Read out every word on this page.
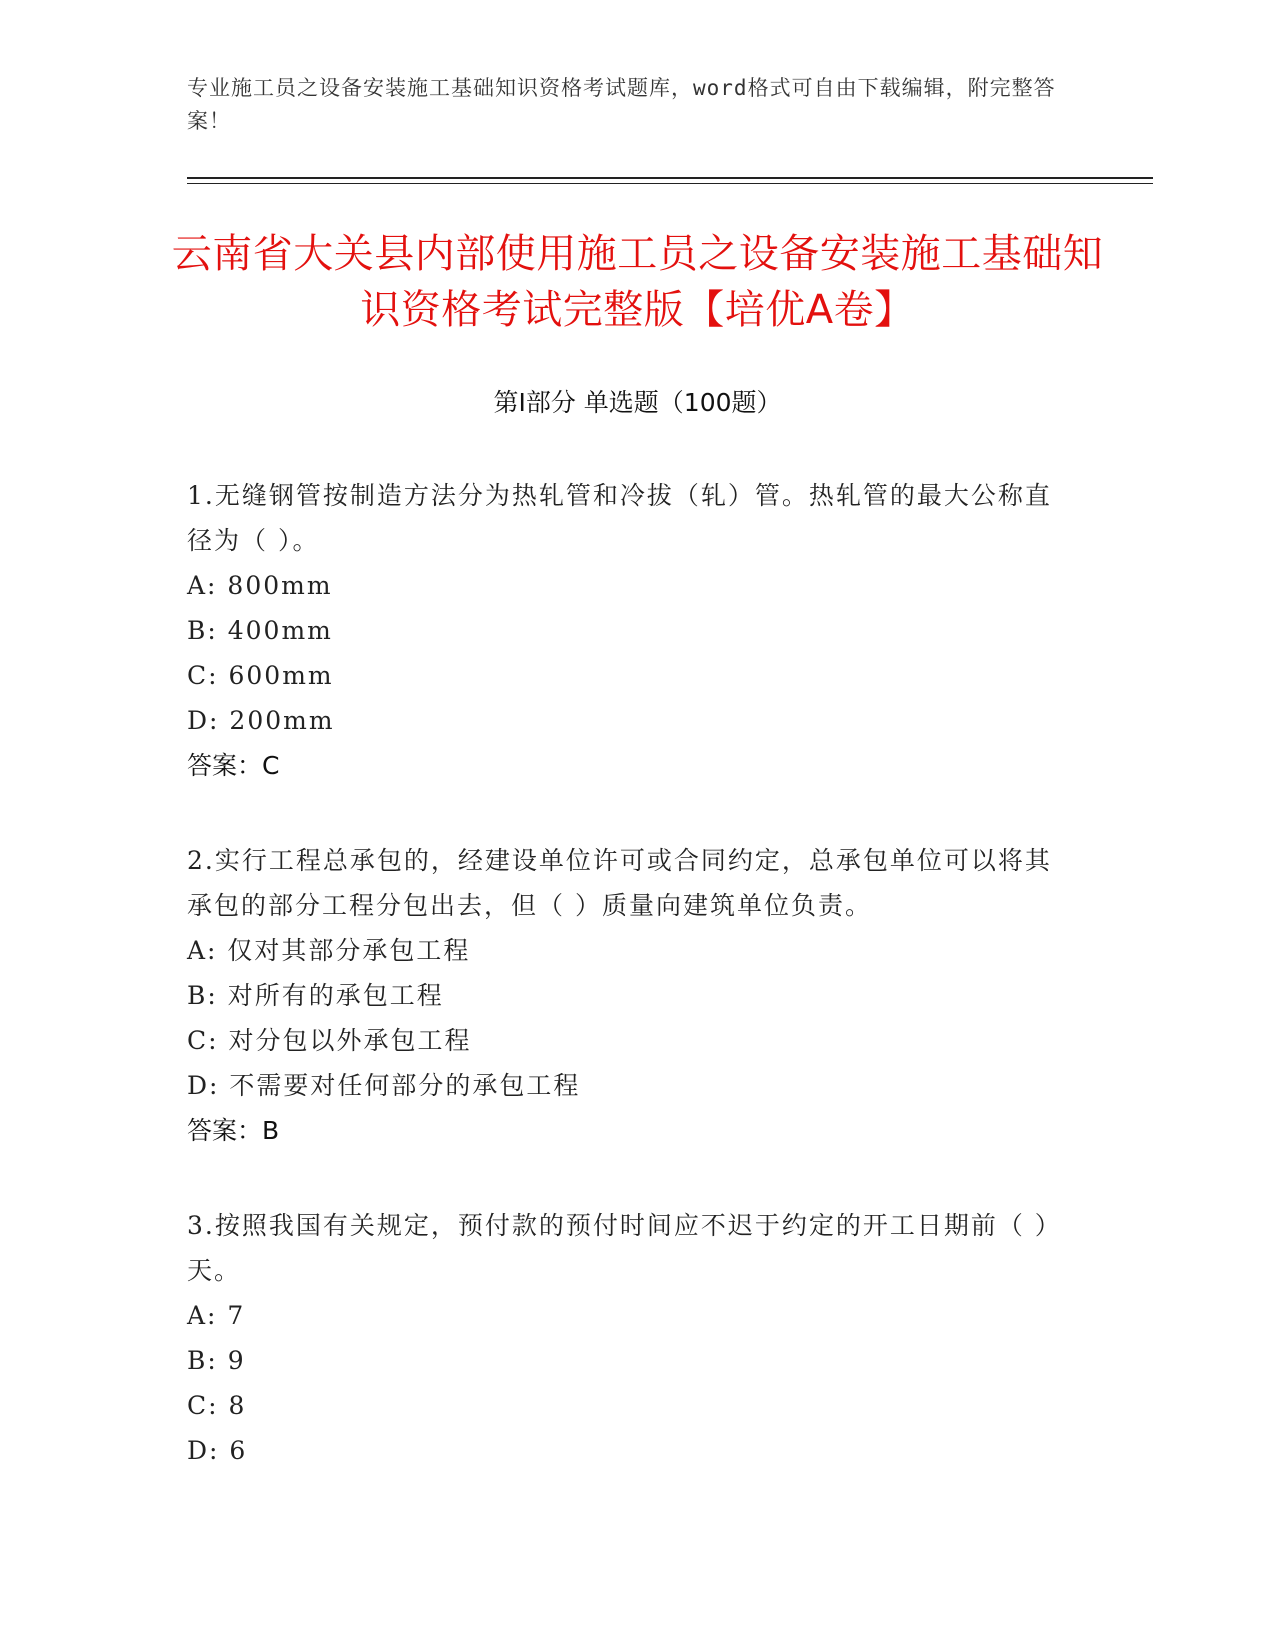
专业施工员之设备安装施工基础知识资格考试题库，word格式可自由下载编辑，附完整答案！
云南省大关县内部使用施工员之设备安装施工基础知识资格考试完整版【培优A卷】
第Ⅰ部分 单选题（100题）
1.无缝钢管按制造方法分为热轧管和冷拔（轧）管。热轧管的最大公称直径为（ ）。
A: 800mm
B: 400mm
C: 600mm
D: 200mm
答案：C
2.实行工程总承包的，经建设单位许可或合同约定，总承包单位可以将其承包的部分工程分包出去，但（ ）质量向建筑单位负责。
A: 仅对其部分承包工程
B: 对所有的承包工程
C: 对分包以外承包工程
D: 不需要对任何部分的承包工程
答案：B
3.按照我国有关规定，预付款的预付时间应不迟于约定的开工日期前（ ）天。
A: 7
B: 9
C: 8
D: 6
